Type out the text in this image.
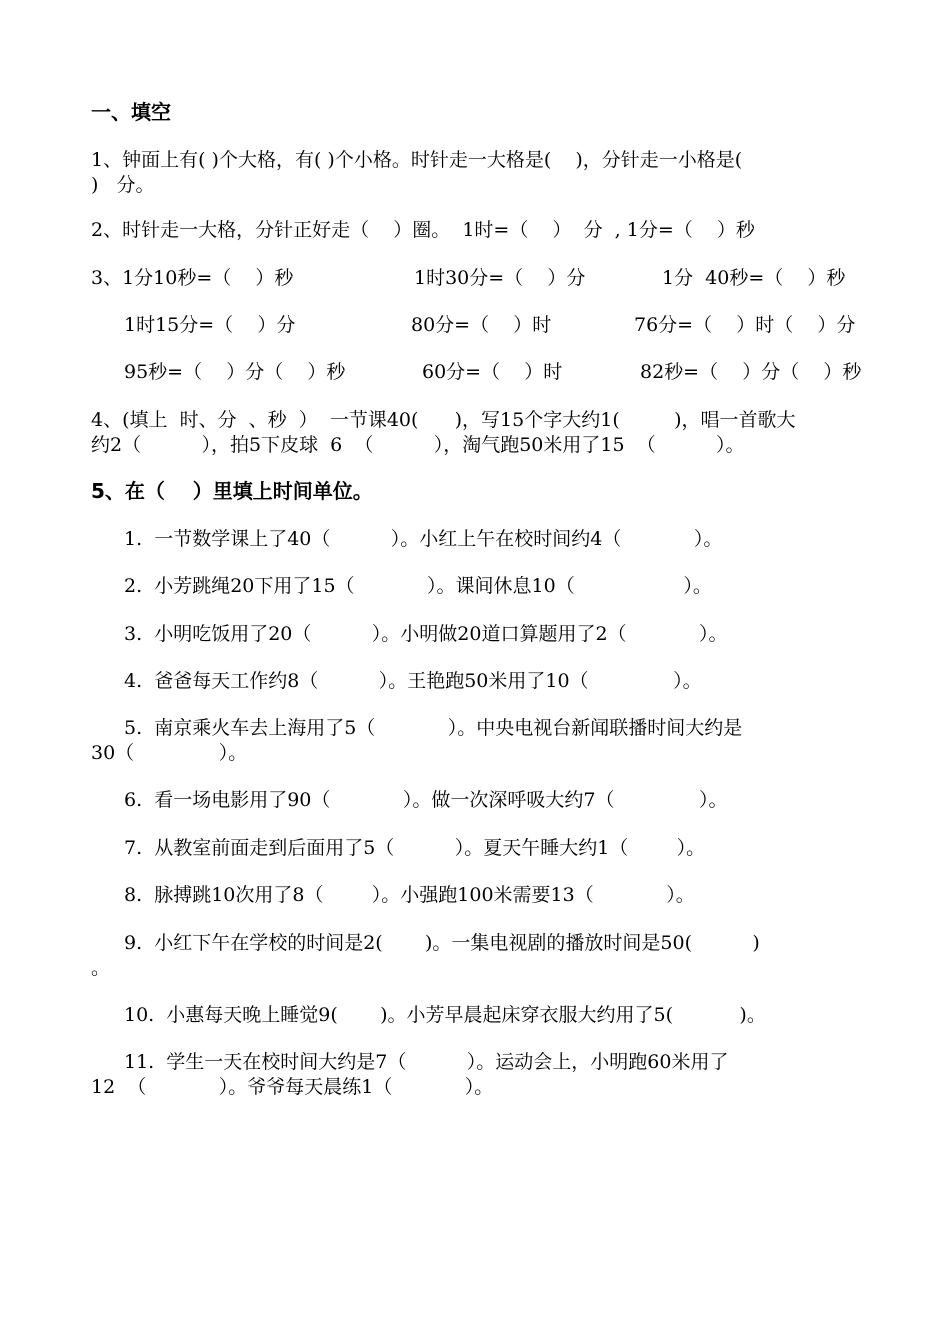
一、填空
1、钟面上有( )个大格，有( )个小格。时针走一大格是(    )，分针走一小格是(
)   分。
2、时针走一大格，分针正好走（    ）圈。  1时=（    ）  分  , 1分=（    ）秒
3、1分10秒=（    ）秒	1时30分=（    ）分	1分  40秒=（    ）秒
1时15分=（    ）分	80分=（    ）时	76分=（    ）时（    ）分
95秒=（    ）分（    ）秒	60分=（    ）时	82秒=（    ）分（    ）秒
4、(填上  时、分  、秒  ）  一节课40(      )，写15个字大约1(         )，唱一首歌大
约2（          ），拍5下皮球  6  （          ），淘气跑50米用了15  （          ）。
5、在（    ）里填上时间单位。
1.  一节数学课上了40（          ）。小红上午在校时间约4（            ）。
2.  小芳跳绳20下用了15（            ）。课间休息10（                  ）。
3.  小明吃饭用了20（          ）。小明做20道口算题用了2（            ）。
4.  爸爸每天工作约8（          ）。王艳跑50米用了10（              ）。
5.  南京乘火车去上海用了5（            ）。中央电视台新闻联播时间大约是
30（              ）。
6.  看一场电影用了90（            ）。做一次深呼吸大约7（              ）。
7.  从教室前面走到后面用了5（          ）。夏天午睡大约1（        ）。
8.  脉搏跳10次用了8（        ）。小强跑100米需要13（            ）。
9.  小红下午在学校的时间是2(       )。一集电视剧的播放时间是50(          )
。
10.  小惠每天晚上睡觉9(       )。小芳早晨起床穿衣服大约用了5(           )。
11.  学生一天在校时间大约是7（          ）。运动会上，小明跑60米用了
12  （            ）。爷爷每天晨练1（            ）。
